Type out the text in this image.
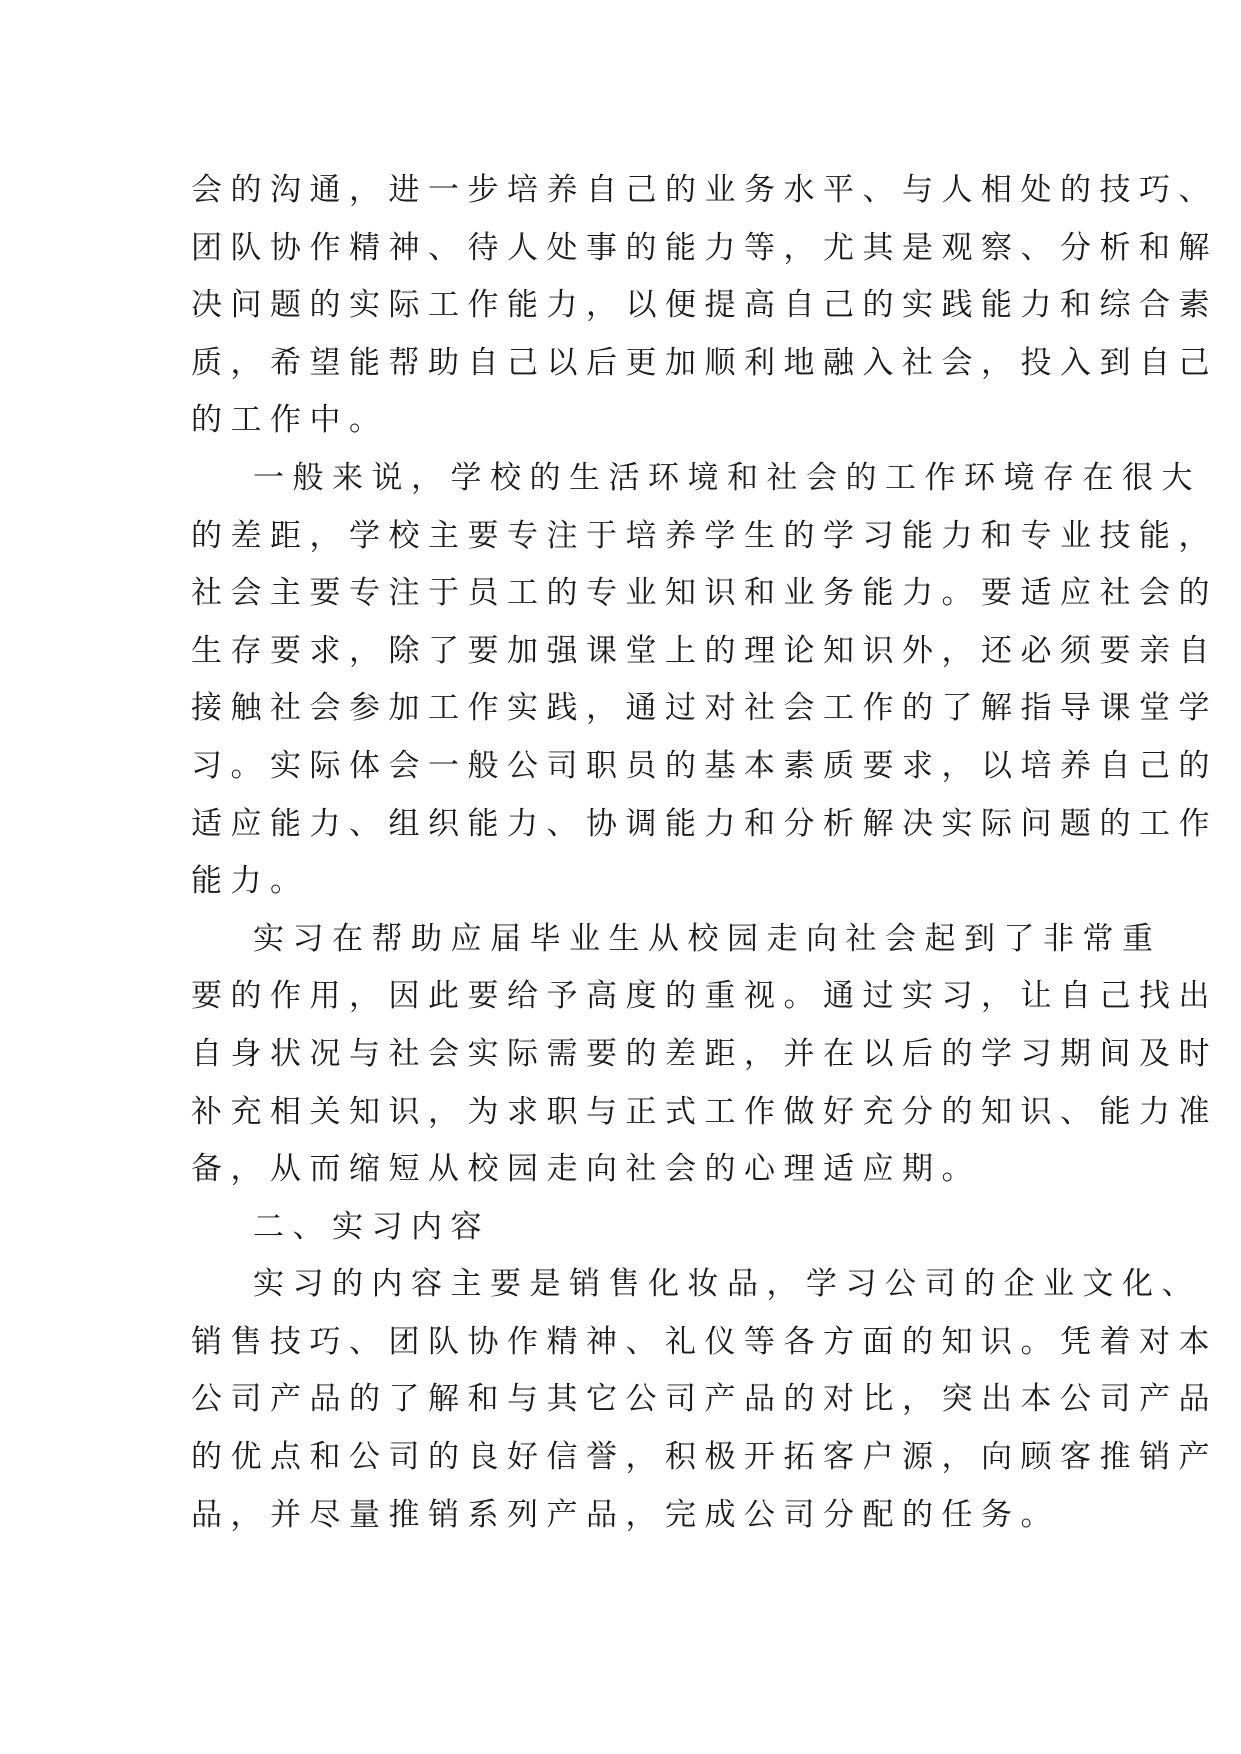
会的沟通，进一步培养自己的业务水平、与人相处的技巧、
团队协作精神、待人处事的能力等，尤其是观察、分析和解
决问题的实际工作能力，以便提高自己的实践能力和综合素
质，希望能帮助自己以后更加顺利地融入社会，投入到自己
的工作中。
一般来说，学校的生活环境和社会的工作环境存在很大
的差距，学校主要专注于培养学生的学习能力和专业技能，
社会主要专注于员工的专业知识和业务能力。要适应社会的
生存要求，除了要加强课堂上的理论知识外，还必须要亲自
接触社会参加工作实践，通过对社会工作的了解指导课堂学
习。实际体会一般公司职员的基本素质要求，以培养自己的
适应能力、组织能力、协调能力和分析解决实际问题的工作
能力。
实习在帮助应届毕业生从校园走向社会起到了非常重
要的作用，因此要给予高度的重视。通过实习，让自己找出
自身状况与社会实际需要的差距，并在以后的学习期间及时
补充相关知识，为求职与正式工作做好充分的知识、能力准
备，从而缩短从校园走向社会的心理适应期。
二、实习内容
实习的内容主要是销售化妆品，学习公司的企业文化、
销售技巧、团队协作精神、礼仪等各方面的知识。凭着对本
公司产品的了解和与其它公司产品的对比，突出本公司产品
的优点和公司的良好信誉，积极开拓客户源，向顾客推销产
品，并尽量推销系列产品，完成公司分配的任务。
